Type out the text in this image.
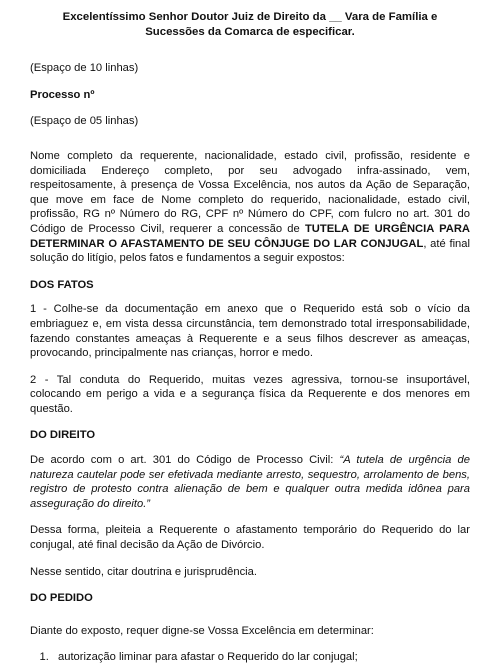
Excelentíssimo Senhor Doutor Juiz de Direito da __ Vara de Família e Sucessões da Comarca de especificar.

(Espaço de 10 linhas)

Processo nº

(Espaço de 05 linhas)

Nome completo da requerente, nacionalidade, estado civil, profissão, residente e domiciliada Endereço completo, por seu advogado infra-assinado, vem, respeitosamente, à presença de Vossa Excelência, nos autos da Ação de Separação, que move em face de Nome completo do requerido, nacionalidade, estado civil, profissão, RG nº Número do RG, CPF nº Número do CPF, com fulcro no art. 301 do Código de Processo Civil, requerer a concessão de TUTELA DE URGÊNCIA PARA DETERMINAR O AFASTAMENTO DE SEU CÔNJUGE DO LAR CONJUGAL, até final solução do litígio, pelos fatos e fundamentos a seguir expostos:

DOS FATOS

1 - Colhe-se da documentação em anexo que o Requerido está sob o vício da embriaguez e, em vista dessa circunstância, tem demonstrado total irresponsabilidade, fazendo constantes ameaças à Requerente e a seus filhos descrever as ameaças, provocando, principalmente nas crianças, horror e medo.

2 - Tal conduta do Requerido, muitas vezes agressiva, tornou-se insuportável, colocando em perigo a vida e a segurança física da Requerente e dos menores em questão.

DO DIREITO

De acordo com o art. 301 do Código de Processo Civil: “A tutela de urgência de natureza cautelar pode ser efetivada mediante arresto, sequestro, arrolamento de bens, registro de protesto contra alienação de bem e qualquer outra medida idônea para asseguração do direito.”

Dessa forma, pleiteia a Requerente o afastamento temporário do Requerido do lar conjugal, até final decisão da Ação de Divórcio.

Nesse sentido, citar doutrina e jurisprudência.

DO PEDIDO

Diante do exposto, requer digne-se Vossa Excelência em determinar:

1. autorização liminar para afastar o Requerido do lar conjugal;
